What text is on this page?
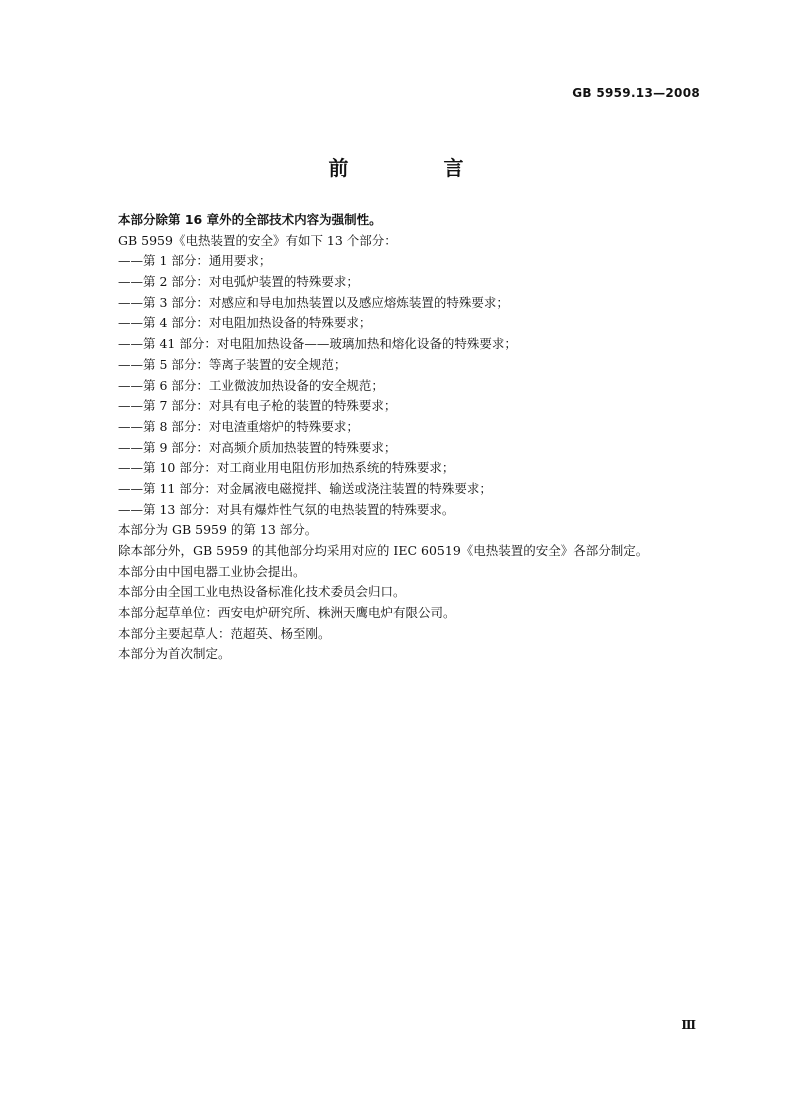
GB 5959.13—2008
前 言
本部分除第 16 章外的全部技术内容为强制性。
GB 5959《电热装置的安全》有如下 13 个部分：
——第 1 部分：通用要求；
——第 2 部分：对电弧炉装置的特殊要求；
——第 3 部分：对感应和导电加热装置以及感应熔炼装置的特殊要求；
——第 4 部分：对电阻加热设备的特殊要求；
——第 41 部分：对电阻加热设备——玻璃加热和熔化设备的特殊要求；
——第 5 部分：等离子装置的安全规范；
——第 6 部分：工业微波加热设备的安全规范；
——第 7 部分：对具有电子枪的装置的特殊要求；
——第 8 部分：对电渣重熔炉的特殊要求；
——第 9 部分：对高频介质加热装置的特殊要求；
——第 10 部分：对工商业用电阻仿形加热系统的特殊要求；
——第 11 部分：对金属液电磁搅拌、输送或浇注装置的特殊要求；
——第 13 部分：对具有爆炸性气氛的电热装置的特殊要求。
本部分为 GB 5959 的第 13 部分。
除本部分外，GB 5959 的其他部分均采用对应的 IEC 60519《电热装置的安全》各部分制定。
本部分由中国电器工业协会提出。
本部分由全国工业电热设备标准化技术委员会归口。
本部分起草单位：西安电炉研究所、株洲天鹰电炉有限公司。
本部分主要起草人：范超英、杨至刚。
本部分为首次制定。
Ⅲ
